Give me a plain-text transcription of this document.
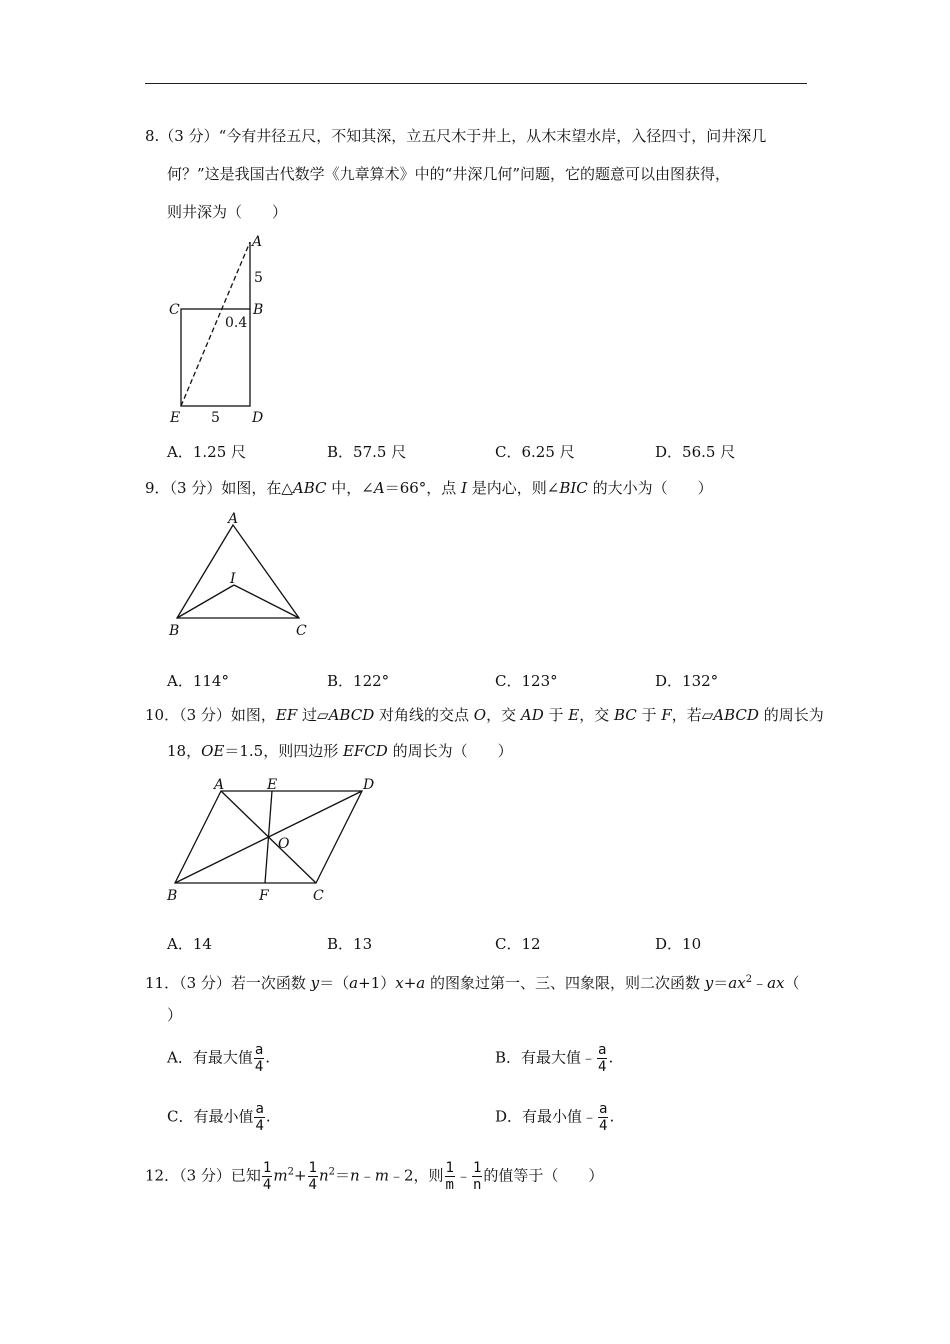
8.（3 分）“今有井径五尺，不知其深，立五尺木于井上，从木末望水岸，入径四寸，问井深几
何？”这是我国古代数学《九章算术》中的“井深几何”问题，它的题意可以由图获得，
则井深为（　　）
A
5
C	B
0.4
E 5 D
A．1.25 尺	B．57.5 尺	C．6.25 尺	D．56.5 尺
9．（3 分）如图，在△ABC 中，∠A＝66°，点 I 是内心，则∠BIC 的大小为（　　）
A
I
B	C
A．114°	B．122°	C．123°	D．132°
10．（3 分）如图，EF 过▱ABCD 对角线的交点 O，交 AD 于 E，交 BC 于 F，若▱ABCD 的周长为
18，OE＝1.5，则四边形 EFCD 的周长为（　　）
A	E	D
O
B	F	C
A．14	B．13	C．12	D．10
11．（3 分）若一次函数 y＝（a+1）x+a 的图象过第一、三、四象限，则二次函数 $y=ax^2﹣ax$（
）
A．有最大值 $\frac{a}{4}$ .	B．有最大值﹣ $\frac{a}{4}$ .
C．有最小值 $\frac{a}{4}$ .	D．有最小值﹣ $\frac{a}{4}$ .
12．（3 分）已知 $\frac{1}{4} m^2+ \frac{1}{4}$ $n^2=n﹣m﹣2$，则 $\frac{1}{m}$ ﹣ $\frac{1}{n}$ 的值等于（　　）
